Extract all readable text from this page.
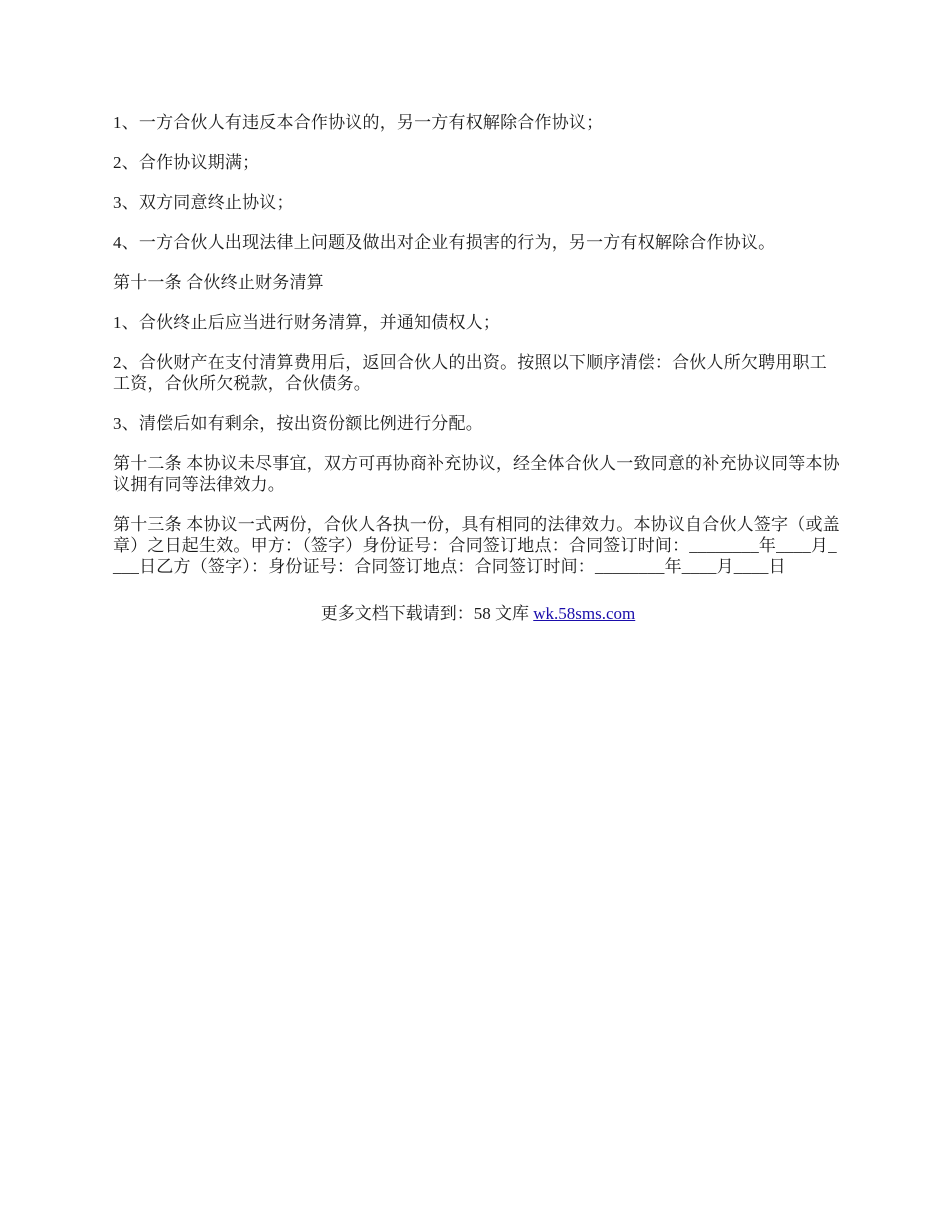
1、一方合伙人有违反本合作协议的，另一方有权解除合作协议；

2、合作协议期满；

3、双方同意终止协议；

4、一方合伙人出现法律上问题及做出对企业有损害的行为，另一方有权解除合作协议。

第十一条 合伙终止财务清算

1、合伙终止后应当进行财务清算，并通知债权人；

2、合伙财产在支付清算费用后，返回合伙人的出资。按照以下顺序清偿：合伙人所欠聘用职工工资，合伙所欠税款，合伙债务。

3、清偿后如有剩余，按出资份额比例进行分配。

第十二条 本协议未尽事宜，双方可再协商补充协议，经全体合伙人一致同意的补充协议同等本协议拥有同等法律效力。

第十三条 本协议一式两份，合伙人各执一份，具有相同的法律效力。本协议自合伙人签字（或盖章）之日起生效。甲方：（签字）身份证号：合同签订地点：合同签订时间：________年____月____日乙方（签字）：身份证号：合同签订地点：合同签订时间：________年____月____日

更多文档下载请到：58 文库 wk.58sms.com
